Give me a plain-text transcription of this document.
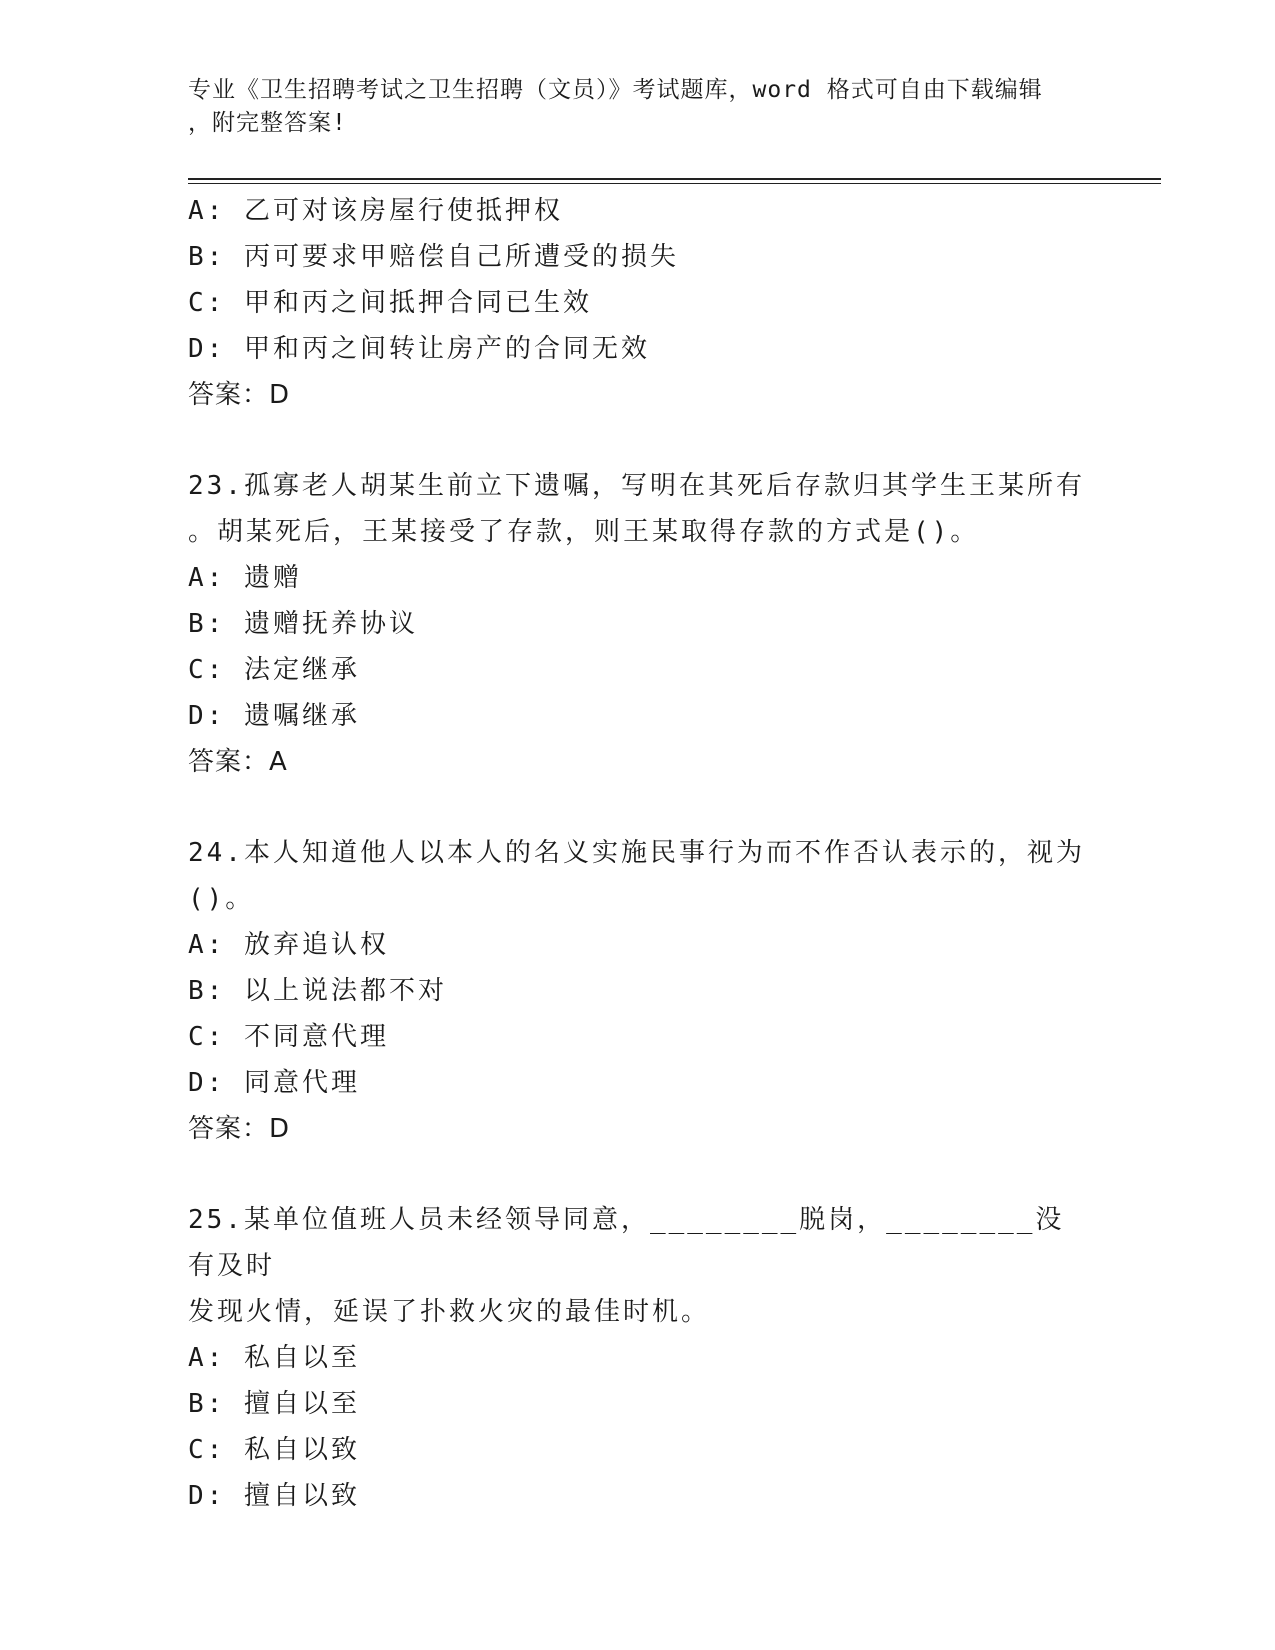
专业《卫生招聘考试之卫生招聘（文员）》考试题库，word 格式可自由下载编辑
，附完整答案!
A: 乙可对该房屋行使抵押权
B: 丙可要求甲赔偿自己所遭受的损失
C: 甲和丙之间抵押合同已生效
D: 甲和丙之间转让房产的合同无效
答案：D
23.孤寡老人胡某生前立下遗嘱，写明在其死后存款归其学生王某所有
。胡某死后，王某接受了存款，则王某取得存款的方式是()。
A: 遗赠
B: 遗赠抚养协议
C: 法定继承
D: 遗嘱继承
答案：A
24.本人知道他人以本人的名义实施民事行为而不作否认表示的，视为
()。
A: 放弃追认权
B: 以上说法都不对
C: 不同意代理
D: 同意代理
答案：D
25.某单位值班人员未经领导同意，________脱岗，________没有及时
发现火情，延误了扑救火灾的最佳时机。
A: 私自以至
B: 擅自以至
C: 私自以致
D: 擅自以致
